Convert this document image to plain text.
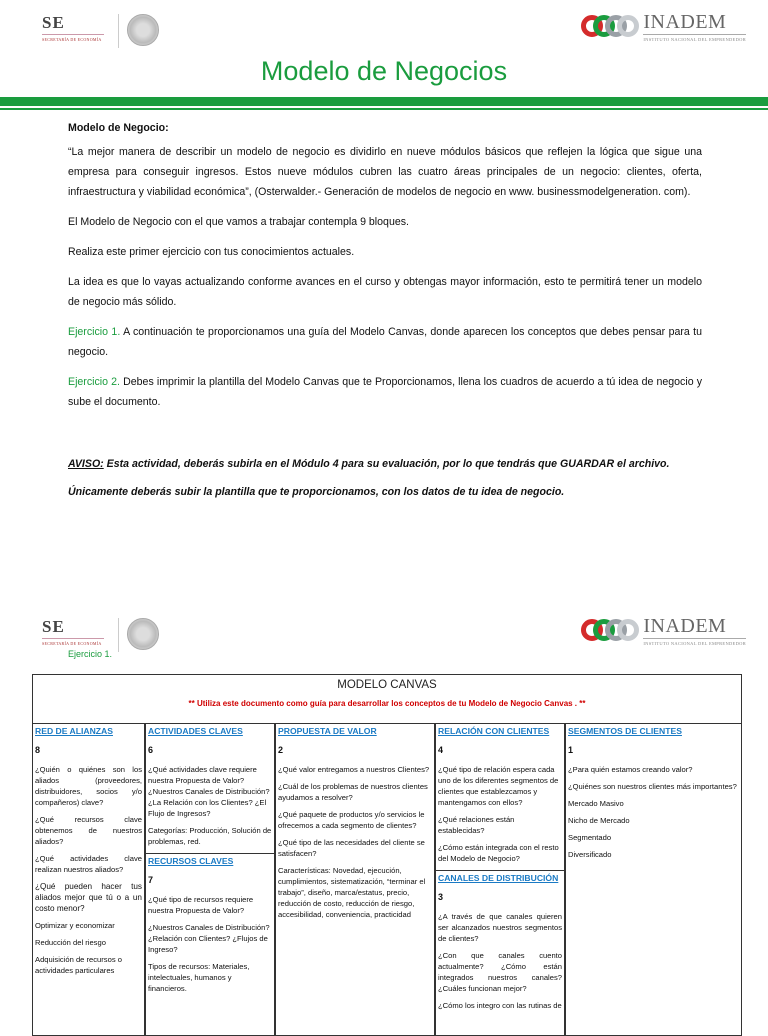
SE
SECRETARÍA DE ECONOMÍA
INADEM
INSTITUTO NACIONAL DEL EMPRENDEDOR
Modelo de Negocios

Modelo de Negocio:

“La mejor manera de describir un modelo de negocio es dividirlo en nueve módulos básicos que reflejen la lógica que sigue una empresa para conseguir ingresos. Estos nueve módulos cubren las cuatro áreas principales de un negocio: clientes, oferta, infraestructura y viabilidad económica”, (Osterwalder.- Generación de modelos de negocio en www. businessmodelgeneration. com).

El Modelo de Negocio con el que vamos a trabajar contempla 9 bloques.

Realiza este primer ejercicio con tus conocimientos actuales.

La idea es que lo vayas actualizando conforme avances en el curso y obtengas mayor información, esto te permitirá tener un modelo de negocio más sólido.

Ejercicio 1. A continuación te proporcionamos una guía del Modelo Canvas, donde aparecen los conceptos que debes pensar para tu negocio.

Ejercicio 2. Debes imprimir la plantilla del Modelo Canvas que te Proporcionamos, llena los cuadros de acuerdo a tú idea de negocio y sube el documento.

AVISO: Esta actividad, deberás subirla en el Módulo 4 para su evaluación, por lo que tendrás que GUARDAR el archivo.

Únicamente deberás subir la plantilla que te proporcionamos, con los datos de tu idea de negocio.

SE
SECRETARÍA DE ECONOMÍA
INADEM
INSTITUTO NACIONAL DEL EMPRENDEDOR
Ejercicio 1.
MODELO CANVAS
** Utiliza este documento como guía para desarrollar los conceptos de tu Modelo de Negocio Canvas . **
RED DE ALIANZAS
8

¿Quién o quiénes son los aliados (proveedores, distribuidores, socios y/o compañeros) clave?

¿Qué recursos clave obtenemos de nuestros aliados?

¿Qué actividades clave realizan nuestros aliados?

¿Qué pueden hacer tus aliados mejor que tú o a un costo menor?

Optimizar y economizar

Reducción del riesgo

Adquisición de recursos o actividades particulares

ACTIVIDADES CLAVES
6

¿Qué actividades clave requiere nuestra Propuesta de Valor? ¿Nuestros Canales de Distribución? ¿La Relación con los Clientes? ¿El Flujo de Ingresos?

Categorías: Producción, Solución de problemas, red.

RECURSOS CLAVES
7

¿Qué tipo de recursos requiere nuestra Propuesta de Valor?

¿Nuestros Canales de Distribución? ¿Relación con Clientes? ¿Flujos de Ingreso?

Tipos de recursos: Materiales, intelectuales, humanos y financieros.

PROPUESTA DE VALOR
2

¿Qué valor entregamos a nuestros Clientes?

¿Cuál de los problemas de nuestros clientes ayudamos a resolver?

¿Qué paquete de productos y/o servicios le ofrecemos a cada segmento de clientes?

¿Qué tipo de las necesidades del cliente se satisfacen?

Características: Novedad, ejecución, cumplimientos, sistematización, “terminar el trabajo”, diseño, marca/estatus, precio, reducción de costo, reducción de riesgo, accesibilidad, conveniencia, practicidad

RELACIÓN CON CLIENTES
4

¿Qué tipo de relación espera cada uno de los diferentes segmentos de clientes que establezcamos y mantengamos con ellos?

¿Qué relaciones están establecidas?

¿Cómo están integrada con el resto del Modelo de Negocio?

CANALES DE DISTRIBUCIÓN
3

¿A través de que canales quieren ser alcanzados nuestros segmentos de clientes?

¿Con que canales cuento actualmente? ¿Cómo están integrados nuestros canales? ¿Cuáles funcionan mejor?

¿Cómo los integro con las rutinas de

SEGMENTOS DE CLIENTES
1

¿Para quién estamos creando valor?

¿Quiénes son nuestros clientes más importantes?

Mercado Masivo

Nicho de Mercado

Segmentado

Diversificado
